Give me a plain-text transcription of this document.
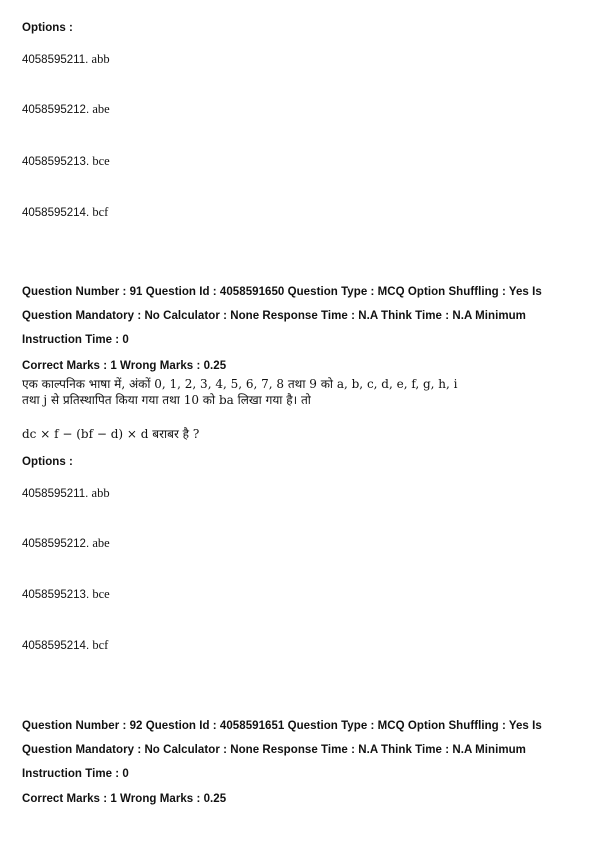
Options :
4058595211. abb
4058595212. abe
4058595213. bce
4058595214. bcf
Question Number : 91 Question Id : 4058591650 Question Type : MCQ Option Shuffling : Yes Is
Question Mandatory : No Calculator : None Response Time : N.A Think Time : N.A Minimum
Instruction Time : 0
Correct Marks : 1 Wrong Marks : 0.25
एक काल्पनिक भाषा में, अंकों 0, 1, 2, 3, 4, 5, 6, 7, 8 तथा 9 को a, b, c, d, e, f, g, h, i
तथा j से प्रतिस्थापित किया गया तथा 10 को ba लिखा गया है। तो
dc × f − (bf − d) × d बराबर है ?
Options :
4058595211. abb
4058595212. abe
4058595213. bce
4058595214. bcf
Question Number : 92 Question Id : 4058591651 Question Type : MCQ Option Shuffling : Yes Is
Question Mandatory : No Calculator : None Response Time : N.A Think Time : N.A Minimum
Instruction Time : 0
Correct Marks : 1 Wrong Marks : 0.25
